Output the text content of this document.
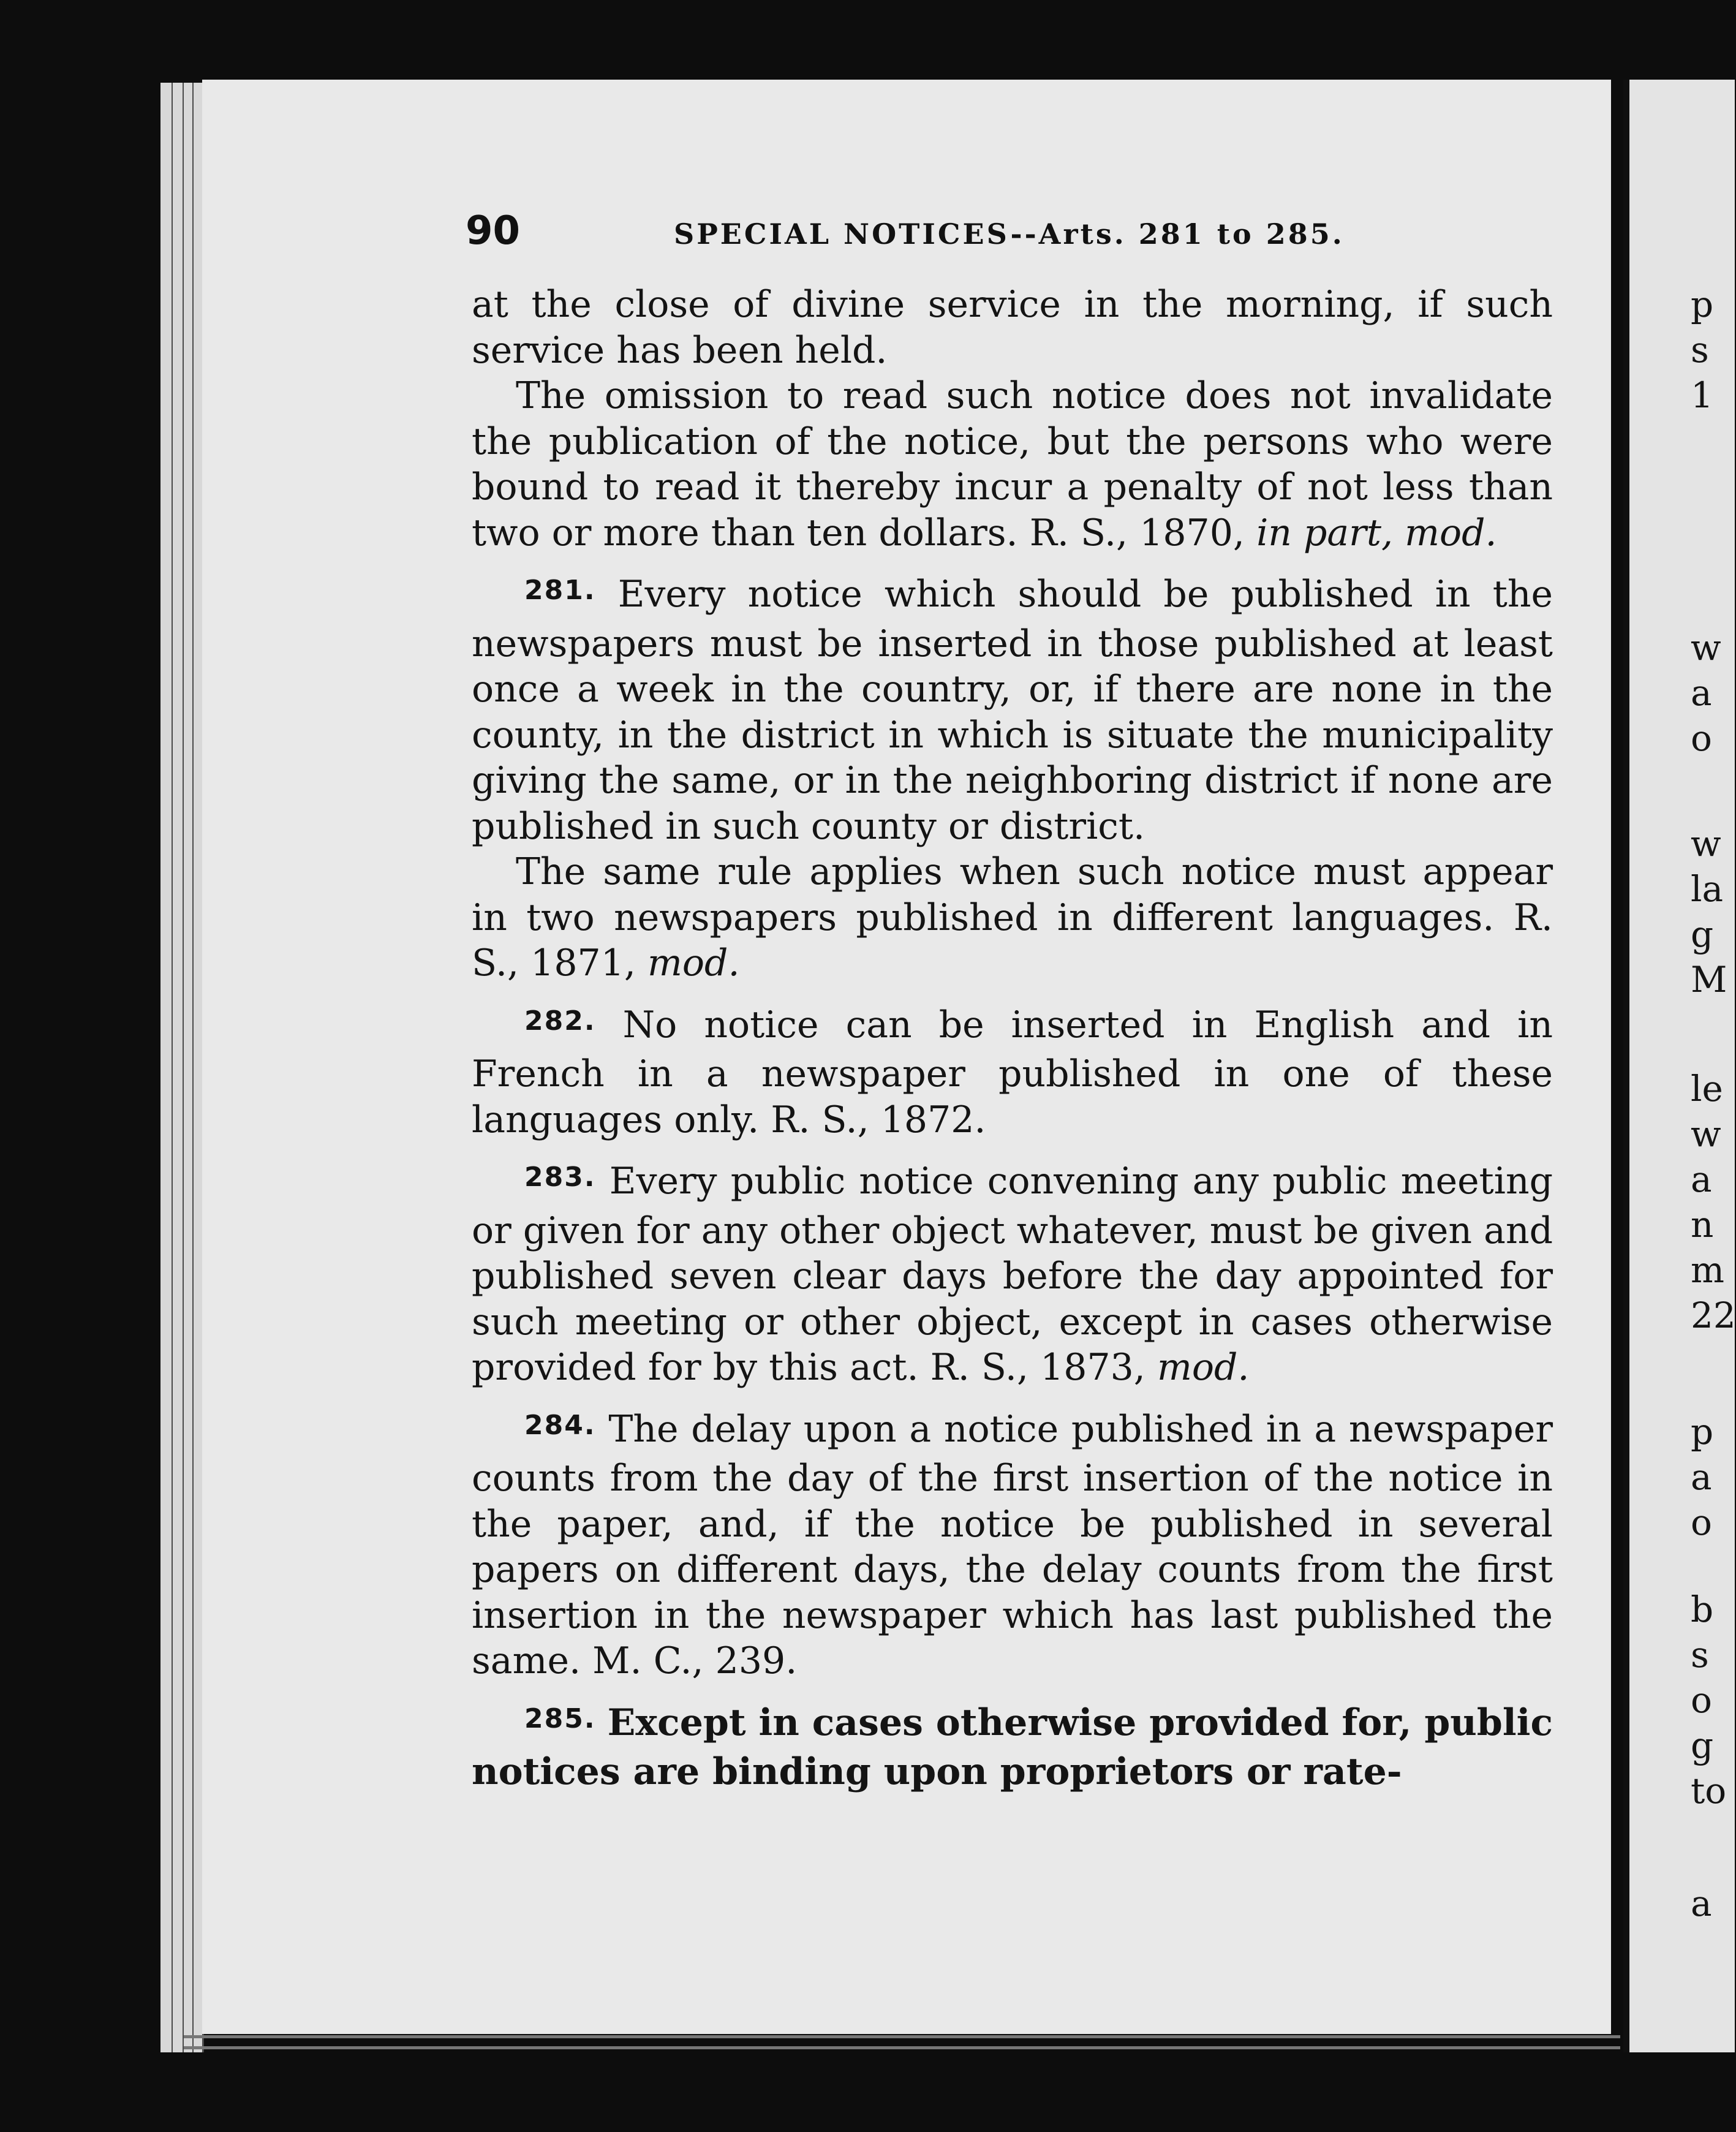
90	SPECIAL NOTICES--Arts. 281 to 285.

at the close of divine service in the morning, if such service has been held.

The omission to read such notice does not invalidate the publication of the notice, but the persons who were bound to read it thereby incur a penalty of not less than two or more than ten dollars. R. S., 1870, in part, mod.

$^{281.}$ Every notice which should be published in the newspapers must be inserted in those published at least once a week in the country, or, if there are none in the county, in the district in which is situate the municipality giving the same, or in the neighboring district if none are published in such county or district.

The same rule applies when such notice must appear in two newspapers published in different languages. R. S., 1871, mod.

$^{282.}$ No notice can be inserted in English and in French in a newspaper published in one of these languages only. R. S., 1872.

$^{283.}$ Every public notice convening any public meeting or given for any other object whatever, must be given and published seven clear days before the day appointed for such meeting or other object, except in cases otherwise provided for by this act. R. S., 1873, mod.

$^{284.}$ The delay upon a notice published in a newspaper counts from the day of the first insertion of the notice in the paper, and, if the notice be published in several papers on different days, the delay counts from the first insertion in the newspaper which has last published the same. M. C., 239.

$^{285.}$ Except in cases otherwise provided for, public notices are binding upon proprietors or rate-

p
s
1
w
a
o
w
la
g
M
le
w
a
n
m
22
p
a
o
b
s
o
g
to
a
